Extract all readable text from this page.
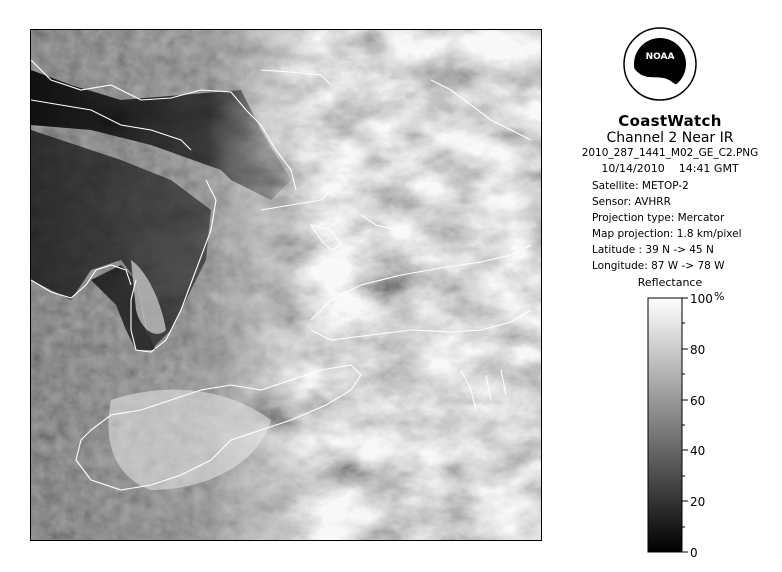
NOAA
CoastWatch
Channel 2 Near IR
2010_287_1441_M02_GE_C2.PNG
10/14/2010 14:41 GMT
Satellite: METOP-2
Sensor: AVHRR
Projection type: Mercator
Map projection: 1.8 km/pixel
Latitude : 39 N -> 45 N
Longitude: 87 W -> 78 W
Reflectance
100
80
60
40
20
0
%
